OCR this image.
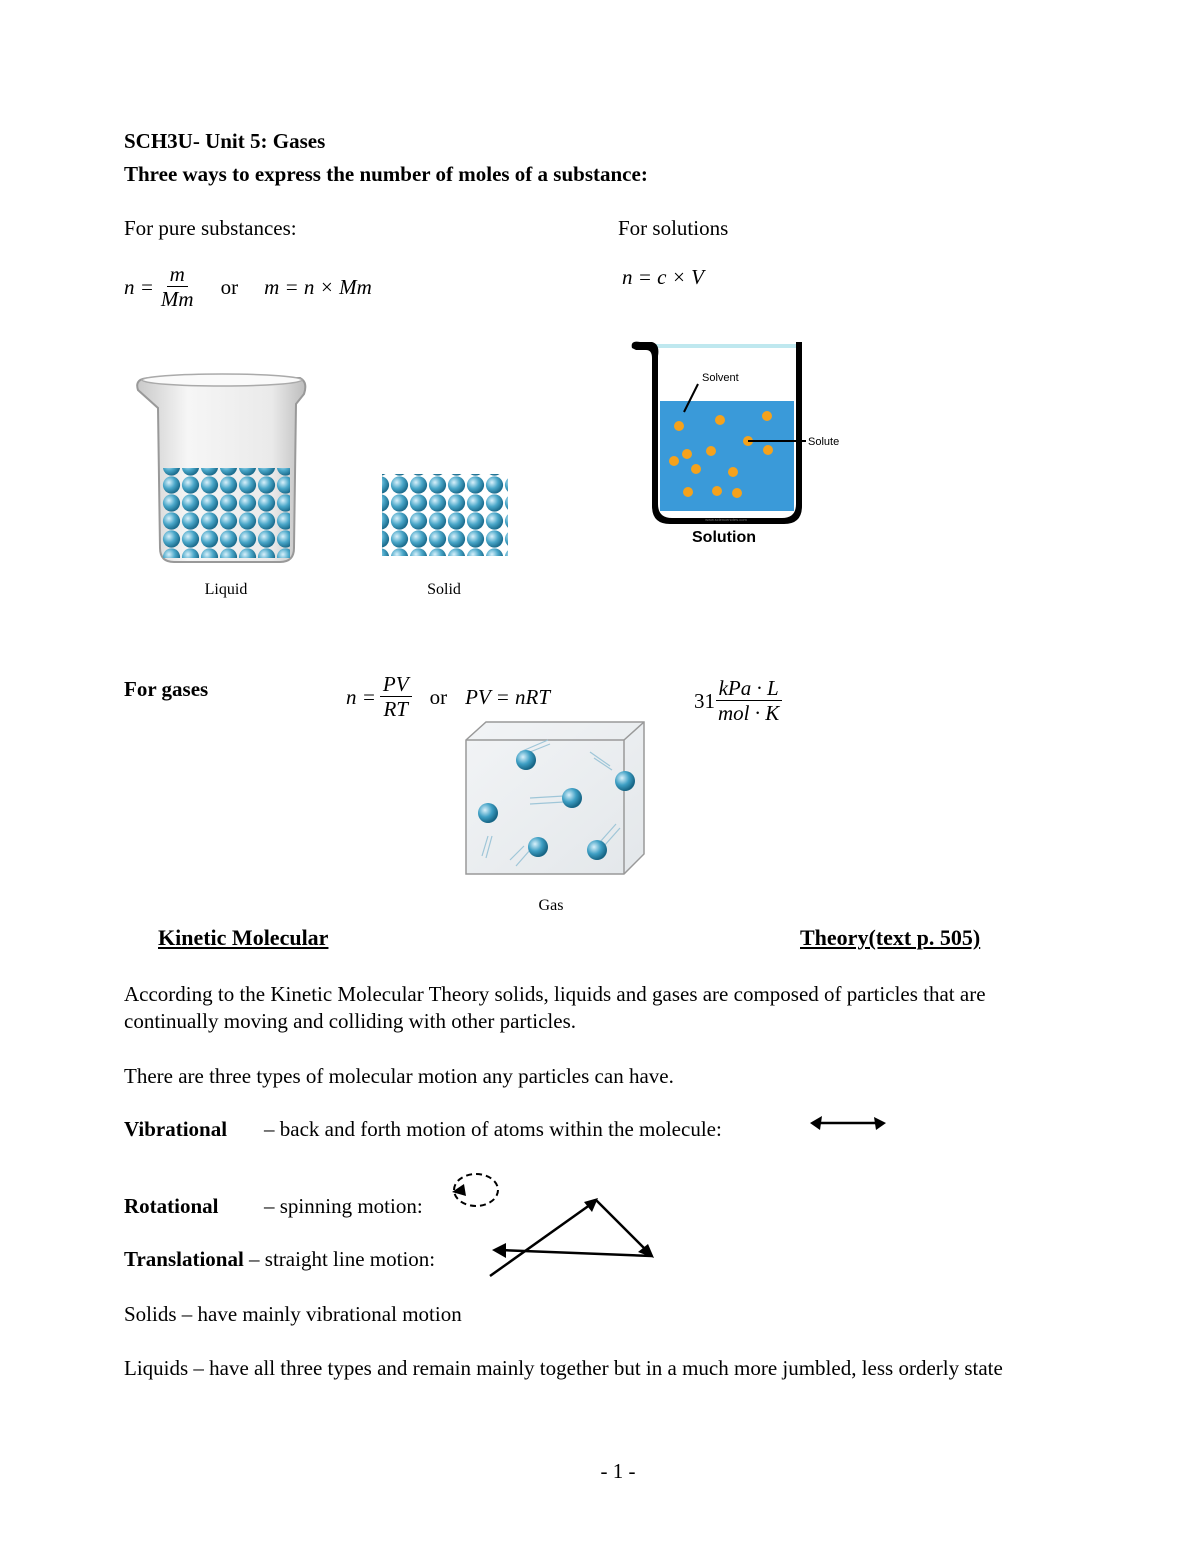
SCH3U- Unit 5: Gases
Three ways to express the number of moles of a substance:
For pure substances:
$n = \frac{m}{Mm}$ or m = n × Mm
For solutions
n = c × V
Liquid	Solid
Solvent
Solute
www.sciencenotes.com
Solution
For gases	$n = \frac{PV}{RT}$ or PV = nRT	$31 \frac{\text{kPa · L}}{\text{mol · K}}$
Gas
Kinetic Molecular	Theory(text p. 505)
According to the Kinetic Molecular Theory solids, liquids and gases are composed of particles that are
continually moving and colliding with other particles.
There are three types of molecular motion any particles can have.
Vibrational – back and forth motion of atoms within the molecule:
Rotational – spinning motion:
Translational – straight line motion:
Solids – have mainly vibrational motion
Liquids – have all three types and remain mainly together but in a much more jumbled, less orderly state
- 1 -
